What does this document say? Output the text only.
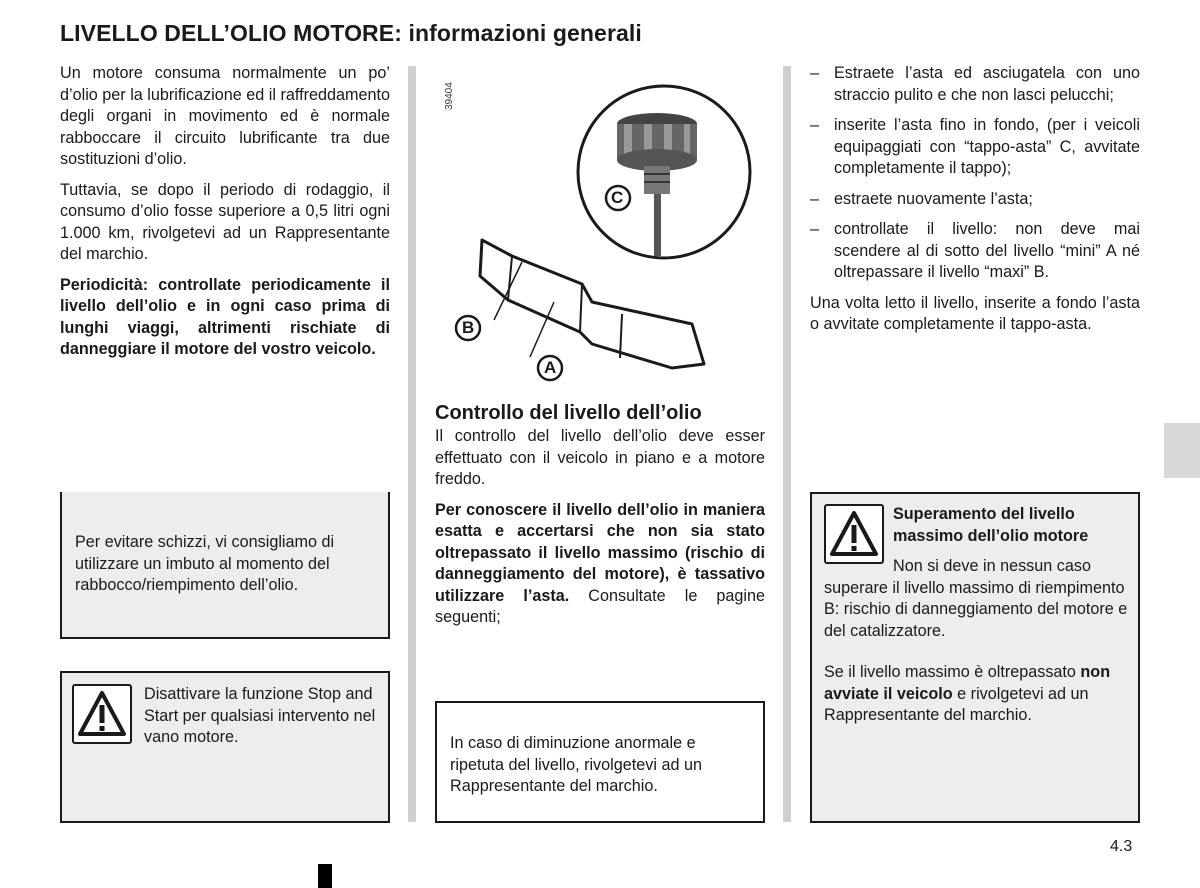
LIVELLO DELL’OLIO MOTORE: informazioni generali

Un motore consuma normalmente un po’ d’olio per la lubrificazione ed il raffreddamento degli organi in movimento ed è normale rabboccare il circuito lubrificante tra due sostituzioni d’olio.

Tuttavia, se dopo il periodo di rodaggio, il consumo d’olio fosse superiore a 0,5 litri ogni 1.000 km, rivolgetevi ad un Rappresentante del marchio.

Periodicità: controllate periodicamente il livello dell’olio e in ogni caso prima di lunghi viaggi, altrimenti rischiate di danneggiare il motore del vostro veicolo.

Per evitare schizzi, vi consigliamo di utilizzare un imbuto al momento del rabbocco/riempimento dell’olio.
Disattivare la funzione Stop and Start per qualsiasi intervento nel vano motore.
39404
C
B
A
Controllo del livello dell’olio

Il controllo del livello dell’olio deve esser effettuato con il veicolo in piano e a motore freddo.

Per conoscere il livello dell’olio in maniera esatta e accertarsi che non sia stato oltrepassato il livello massimo (rischio di danneggiamento del motore), è tassativo utilizzare l’asta. Consultate le pagine seguenti;
In caso di diminuzione anormale e ripetuta del livello, rivolgetevi ad un Rappresentante del marchio.
– Estraete l’asta ed asciugatela con uno straccio pulito e che non lasci pelucchi;
– inserite l’asta fino in fondo, (per i veicoli equipaggiati con “tappo-asta” C, avvitate completamente il tappo);
– estraete nuovamente l’asta;
– controllate il livello: non deve mai scendere al di sotto del livello “mini” A né oltrepassare il livello “maxi” B.

Una volta letto il livello, inserite a fondo l’asta o avvitate completamente il tappo-asta.

Superamento del livello massimo dell’olio motore
Non si deve in nessun caso superare il livello massimo di riempimento B: rischio di danneggiamento del motore e del catalizzatore.
Se il livello massimo è oltrepassato non avviate il veicolo e rivolgetevi ad un Rappresentante del marchio.
4.3
